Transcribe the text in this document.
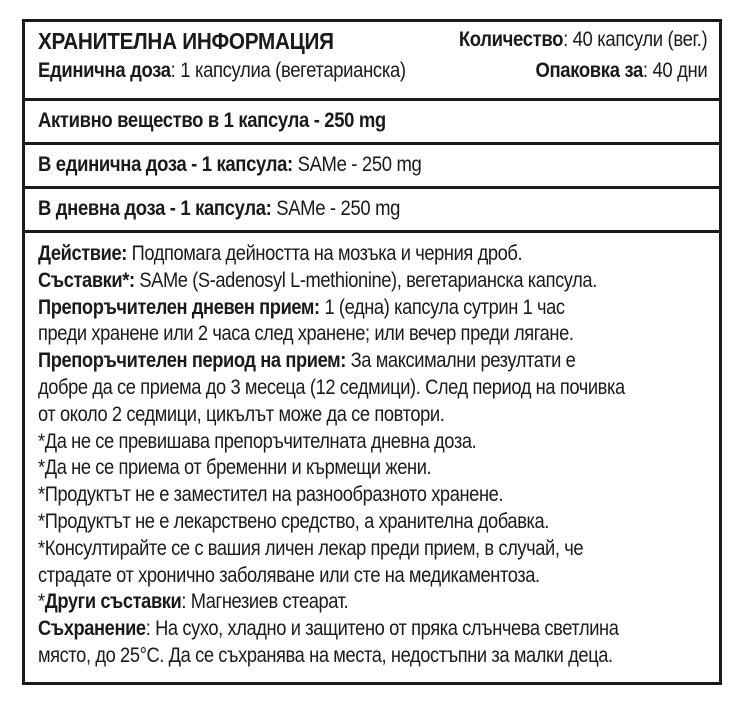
ХРАНИТЕЛНА ИНФОРМАЦИЯ	Количество: 40 капсули (вег.)
Единична доза: 1 капсулиа (вегетарианска)	Опаковка за: 40 дни
Активно вещество в 1 капсула - 250 mg
В единична доза - 1 капсула: SAMe - 250 mg
В дневна доза - 1 капсула: SAMe - 250 mg

Действие: Подпомага дейността на мозъка и черния дроб.

Съставки*: SAMe (S-adenosyl L-methionine), вегетарианска капсула.

Препоръчителен дневен прием: 1 (една) капсула сутрин 1 час

преди хранене или 2 часа след хранене; или вечер преди лягане.

Препоръчителен период на прием: За максимални резултати е

добре да се приема до 3 месеца (12 седмици). След период на почивка

от около 2 седмици, цикълът може да се повтори.

*Да не се превишава препоръчителната дневна доза.

*Да не се приема от бременни и кърмещи жени.

*Продуктът не е заместител на разнообразното хранене.

*Продуктът не е лекарствено средство, а хранителна добавка.

*Консултирайте се с вашия личен лекар преди прием, в случай, че

страдате от хронично заболяване или сте на медикаментоза.

*Други съставки: Магнезиев стеарат.

Съхранение: На сухо, хладно и защитено от пряка слънчева светлина

място, до 25°С. Да се съхранява на места, недостъпни за малки деца.
